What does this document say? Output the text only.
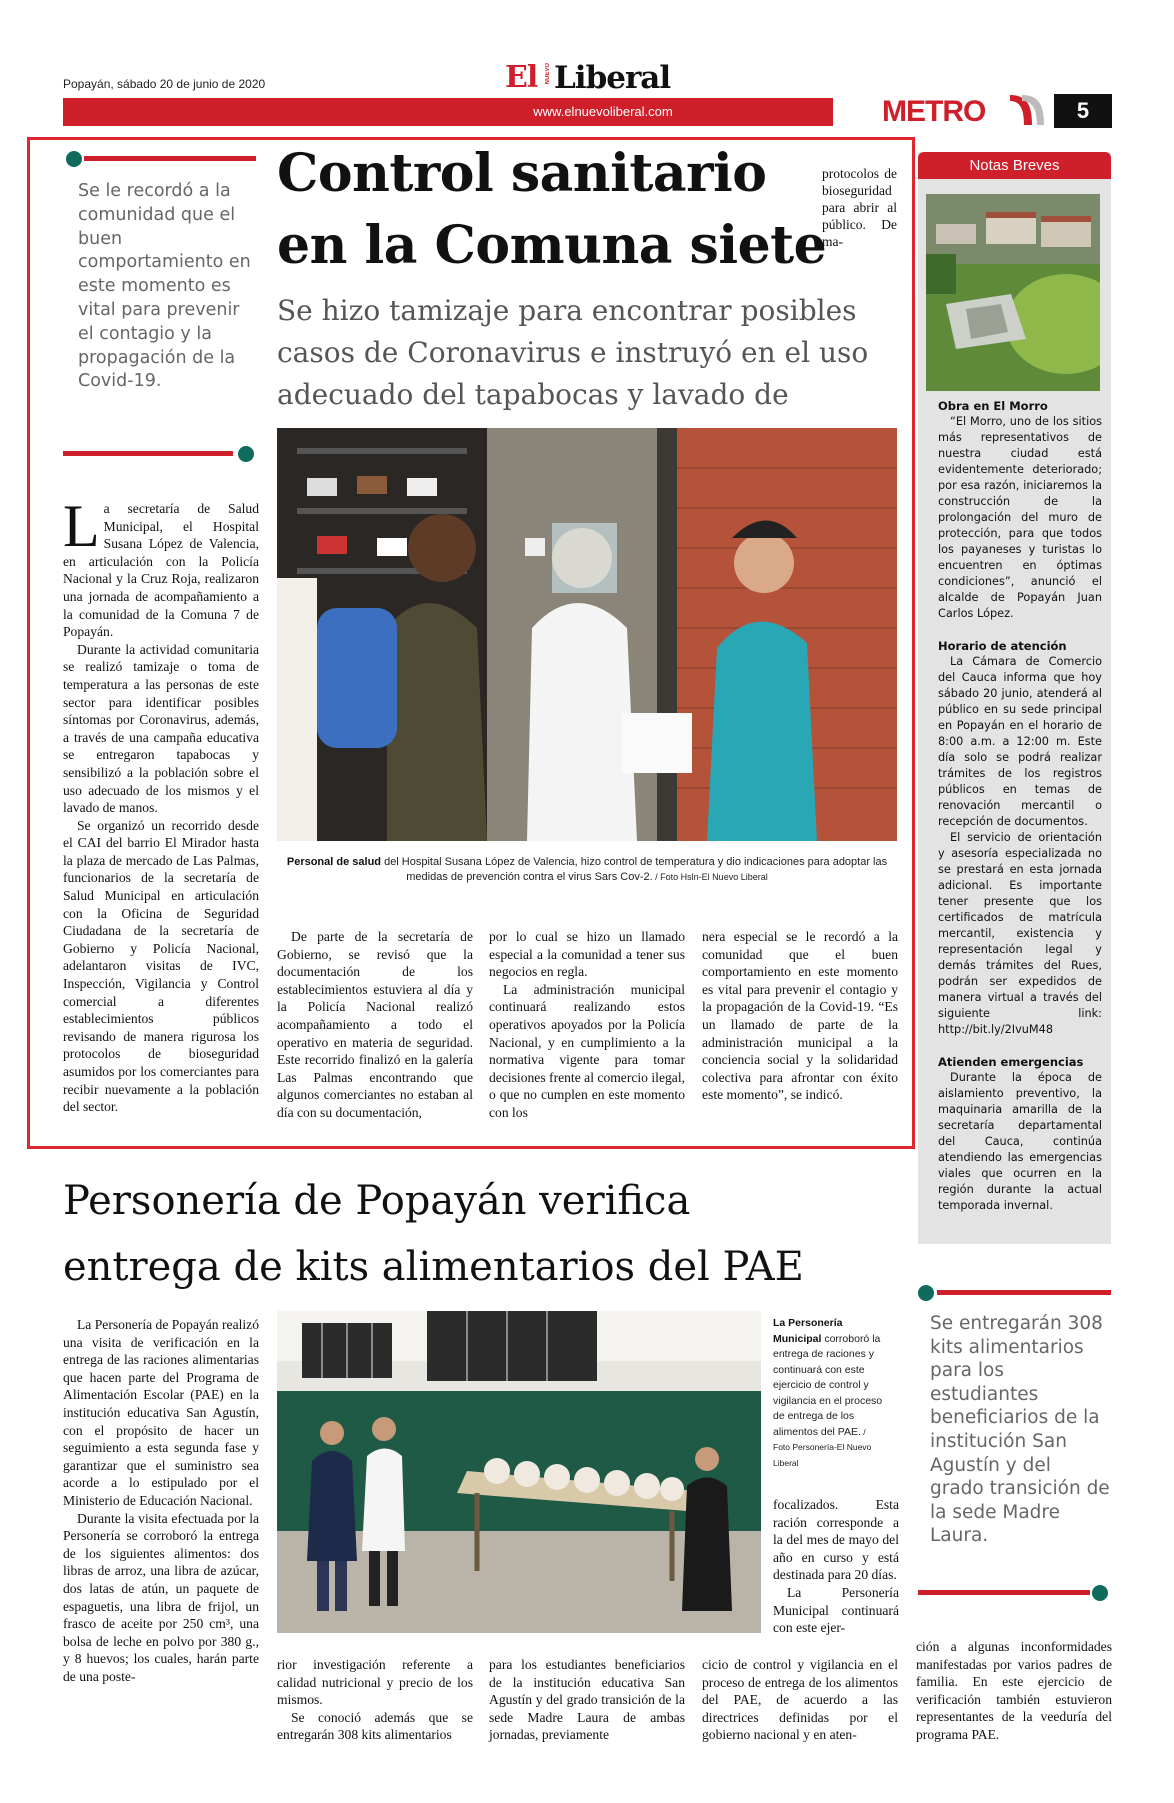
Popayán, sábado 20 de junio de 2020	El NUEVO Liberal
www.elnuevoliberal.com	METRO	5
Se le recordó a la comunidad que el buen comportamiento en este momento es vital para prevenir el contagio y la propagación de la Covid-19.
Control sanitario
en la Comuna siete
protocolos de bioseguridad para abrir al público. De ma-
Se hizo tamizaje para encontrar posibles casos de Coronavirus e instruyó en el uso adecuado del tapabocas y lavado de
Personal de salud del Hospital Susana López de Valencia, hizo control de temperatura y dio indicaciones para adoptar las medidas de prevención contra el virus Sars Cov-2. / Foto Hsln-El Nuevo Liberal

La secretaría de Salud Municipal, el Hospital Susana López de Valencia, en articulación con la Policía Nacional y la Cruz Roja, realizaron una jornada de acompañamiento a la comunidad de la Comuna 7 de Popayán.

Durante la actividad comunitaria se realizó tamizaje o toma de temperatura a las personas de este sector para identificar posibles síntomas por Coronavirus, además, a través de una campaña educativa se entregaron tapabocas y sensibilizó a la población sobre el uso adecuado de los mismos y el lavado de manos.

Se organizó un recorrido desde el CAI del barrio El Mirador hasta la plaza de mercado de Las Palmas, funcionarios de la secretaría de Salud Municipal en articulación con la Oficina de Seguridad Ciudadana de la secretaría de Gobierno y Policía Nacional, adelantaron visitas de IVC, Inspección, Vigilancia y Control comercial a diferentes establecimientos públicos revisando de manera rigurosa los protocolos de bioseguridad asumidos por los comerciantes para recibir nuevamente a la población del sector.

De parte de la secretaría de Gobierno, se revisó que la documentación de los establecimientos estuviera al día y la Policía Nacional realizó acompañamiento a todo el operativo en materia de seguridad. Este recorrido finalizó en la galería Las Palmas encontrando que algunos comerciantes no estaban al día con su documentación,

por lo cual se hizo un llamado especial a la comunidad a tener sus negocios en regla.

La administración municipal continuará realizando estos operativos apoyados por la Policía Nacional, y en cumplimiento a la normativa vigente para tomar decisiones frente al comercio ilegal, o que no cumplen en este momento con los

nera especial se le recordó a la comunidad que el buen comportamiento en este momento es vital para prevenir el contagio y la propagación de la Covid-19. “Es un llamado de parte de la administración municipal a la conciencia social y la solidaridad colectiva para afrontar con éxito este momento”, se indicó.

Notas Breves
Obra en El Morro

“El Morro, uno de los sitios más representativos de nuestra ciudad está evidentemente deteriorado; por esa razón, iniciaremos la construcción de la prolongación del muro de protección, para que todos los payaneses y turistas lo encuentren en óptimas condiciones”, anunció el alcalde de Popayán Juan Carlos López.

Horario de atención

La Cámara de Comercio del Cauca informa que hoy sábado 20 junio, atenderá al público en su sede principal en Popayán en el horario de 8:00 a.m. a 12:00 m. Este día solo se podrá realizar trámites de los registros públicos en temas de renovación mercantil o recepción de documentos.

El servicio de orientación y asesoría especializada no se prestará en esta jornada adicional. Es importante tener presente que los certificados de matrícula mercantil, existencia y representación legal y demás trámites del Rues, podrán ser expedidos de manera virtual a través del siguiente link: http://bit.ly/2IvuM48

Atienden emergencias

Durante la época de aislamiento preventivo, la maquinaria amarilla de la secretaría departamental del Cauca, continúa atendiendo las emergencias viales que ocurren en la región durante la actual temporada invernal.

Personería de Popayán verifica
entrega de kits alimentarios del PAE

La Personería de Popayán realizó una visita de verificación en la entrega de las raciones alimentarias que hacen parte del Programa de Alimentación Escolar (PAE) en la institución educativa San Agustín, con el propósito de hacer un seguimiento a esta segunda fase y garantizar que el suministro sea acorde a lo estipulado por el Ministerio de Educación Nacional.

Durante la visita efectuada por la Personería se corroboró la entrega de los siguientes alimentos: dos libras de arroz, una libra de azúcar, dos latas de atún, un paquete de espaguetis, una libra de frijol, un frasco de aceite por 250 cm³, una bolsa de leche en polvo por 380 g., y 8 huevos; los cuales, harán parte de una poste-

La Personería Municipal corroboró la entrega de raciones y continuará con este ejercicio de control y vigilancia en el proceso de entrega de los alimentos del PAE. / Foto Personería-El Nuevo Liberal

focalizados. Esta ración corresponde a la del mes de mayo del año en curso y está destinada para 20 días.

La Personería Municipal continuará con este ejer-

rior investigación referente a calidad nutricional y precio de los mismos.

Se conoció además que se entregarán 308 kits alimentarios

para los estudiantes beneficiarios de la institución educativa San Agustín y del grado transición de la sede Madre Laura de ambas jornadas, previamente

cicio de control y vigilancia en el proceso de entrega de los alimentos del PAE, de acuerdo a las directrices definidas por el gobierno nacional y en aten-

ción a algunas inconformidades manifestadas por varios padres de familia. En este ejercicio de verificación también estuvieron representantes de la veeduría del programa PAE.

Se entregarán 308 kits alimentarios para los estudiantes beneficiarios de la institución San Agustín y del grado transición de la sede Madre Laura.
